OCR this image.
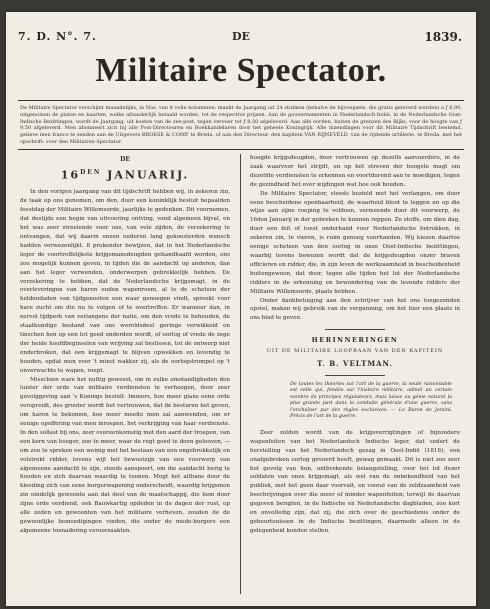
7. D. N°. 7.	DE	1839.
Militaire Spectator.
De Militaire Spectator verschijnt maandelijks, in Nos. van 8 volle kolommen; maakt de Jaargang uit 24 stukken (behalve de bijvoegsels, die gratis geleverd worden) a ƒ 6,00, uitgenomen de platen en kaarten, welke afzonderlijk betaald worden, tot de respective prijzen. Aan de gouvernementen in Nederlandsch-Indië, in de Nederlandsche Oost-Indische Bezittingen, wordt de Jaargang, uit kosten van de zee-post, tegen vervoer tot ƒ 8,50 afgeleverd. Aan alle oorden, buiten de grenzen des Rijks, voor de hoogte van ƒ 9,50 afgeleverd. Men abonneert zich bij alle Post-Directeuren en Boekhandelaren door het geheele Koningrijk. Alle inzendingen voor dit Militaire Tijdschrift bestemd, gelieve men franco te zenden aan de Uitgevers BROESE & COMP. te Breda, of aan den Directeur, den kapitein VAN RIJNEVELD, van de rijdende artillerie, te Breda, met het opschrift: voor den Militairen Spectator.
DE
$16^{DEN}$ JANUARIJ.

In den vorigen jaargang van dit tijdschrift hebben wij, in zekeren zin, de taak op ons genomen, om den, door een koninklijk besluit bepaalden feestdag der Militaire Willemsorde, jaarlijks te gedenken. Dit voornemen, dat destijds een begin van uitvoering ontving, vond algemeen bijval, en het was zeer streelende voor ons, van vele zijden, de verzekering te ontvangen, dat wij daarin onzen ouderen lang gekoesterden wensch hadden verwezenlijkt. 8 prekender bewijzen, dat in het Nederlandsche leger de voortreffelijkste krijgsmansdeugden gehandhaafd worden, ons zoo mogelijk kunnen geven, in tijden die de aandacht op anderen, dan aan het leger verwenden, onderwerpen gebrekkelijk hebben. De verzekering te hebben, dat de Nederlandsche krijgsmagt, in de overleveringen van haren ouden wapenroem, al te de schetsen der heldendaden van tijdgenooten een waar genoegen vindt, spreekt voor hare zucht om die nu te volgen of te overtreffen. Er wanneer dan, in eervol tijdperk van verlangens der natie, om den vrede te behouden, de staatkundige bestand van ons wereldsdeel geringe verwikkeld en tinschen hen op een tot goed onderden wordt, of oorlog of vrede de zege der heide hoofdbeginselen van wrijving zal beslissen, tot de ontwerp niet onderbroken, dat een krijgsmagt te blijven opwekken en levendig te houden, opdat men voor 't minst wakker zij, als de oorlogstrompet op 't onverwachts te wapen, roept.

Misschien ware het nuttig geweest, om in zulke omstandigheden den luister der orde van militaire verdiensten te verhoogen, door zeer gevolggeving aan 's Konings besluit. Immers, hoe meer glans eene orde verspreidt, des grooter wordt het vertrouwen, dat de besturen het geven, om haren te bekomen, hoe meer moeite men zal aanwenden, om er eenige opoffering van men inroepen, het verkrijging van haar verdienste. In den sollast bij ons, zeer overeenkomstig met den aard der troepen, van een kern van hooger, zoo te meer, waar de regt goed te doen gelooven, — om zoo te spreken een weinig met het bestaan van een ongebrokkelijk en volstrekt ridder, tevens wijl het bewustzijn van een voorwerp van algemeene aandacht te zijn, steeds aanspoort, om die aandacht berig te houden en zich daarvan waardig te toonen. Mogt het althans door de kleeding zich van eene burgerwapening onderscheidt, waardig krijgsmen zin eindelijk gewoonte aan dat deel van de maatschappij, die hem door zijne orde verdiend, ook Bauwkartig opdeden in de dagen der rust, op alle zeden en gewoonten van het militaire verheven, zouden de de gewoonlijke bemoedigingen vinden, die onder de mede-burgers een algemeene toenadering veroorzaakten.

hoogde krijgsdeugden, door vertrouwen op dezelfs aanvoerders, in de zaak waarvoor het strijdt, en op het streven der hoogste magt om dezelfde verdiensten te erkennen en voortdurend aan te moedigen, tegen de gezindheid het over wijdingen wat hoe ook houden.

De Militaire Spectator, steeds bezield met het verlangen, om door eene bescheidene openbaarheid, de waarheid bloot te leggen en op die wijze aan zijne roeping te voldoen, vermeende door dit voorwerp, de 16den Januarij in der gebreken te kunnen reppen. Ze stoffe, om dien dag, door een feit of toest onderhand voor Nederlandsche betrokken, in zekeren zin, te vieren, is ruim genoeg voorhanden. Wij kiezen daartoe eenige schetsen van den oorlog in onze Oost-Indische bezittingen, waarbij tevens bewezen wordt dat de krijgsdeugden onzer braven officieren en ridder, die, in zijn leven de werkzaamheid in bescheidenheid buitengewoon, dat door, tegen alle tijden het lot der Nederlandsche ridders in de erkenning en bewondering van de levende ridders der Militaire Willemsorde, plaats hebben.

Onder dankbetuiging aan den schrijver van het ons toegezonden opstel, maken wij gebruik van de vergunning, om het hier een plaats in ons blad te geven.

HERINNERINGEN
UIT DE MILITAIRE LOOPBAAN VAN DEN KAPITEIN
T. B. VELTMAN.
De toutes les théories sur l'art de la guerre, la seule raisonnable est celle qui, fondée sur l'histoire militaire, admet un certain nombre de principes régulateurs, mais laisse au génie naturel la plus grande part dans la conduite générale d'une guerre, sans l'enchaîner par des règles exclusives. — Le Baron de Jomini, Précis de l'art de la guerre.

Zeer zelden wordt van de krijgsverrigtingen of bijzondere wapenfeiten van het Nederlandsch Indische leger, dat sedert de herstelling van het Nederlandsch gezag in Oost-Indië (1816), een onafgebroken oorlog gevoerd heeft, gewag gemaakt. Dit is niet zoo zeer het gevolg van hun, ontbrekende belangstelling, voor het lot dezer soldaten van onze krijgsmagt, als wel van de onbekendheid van het publiek, met het geen daar voorvalt, en vooral van de zeldzaamheid van beschrijvingen over die meer of minder wapenfeiten; terwijl de daarvan gegeven berigten, in de Indische en Nederlandsche dagbladen, zoo kort en onvolledig zijn, dat zij, die zich over de geschiedenis onder de gebeurtenissen in de Indische bezittingen, daarmede alleen in de gelegenheid konden stellen.
